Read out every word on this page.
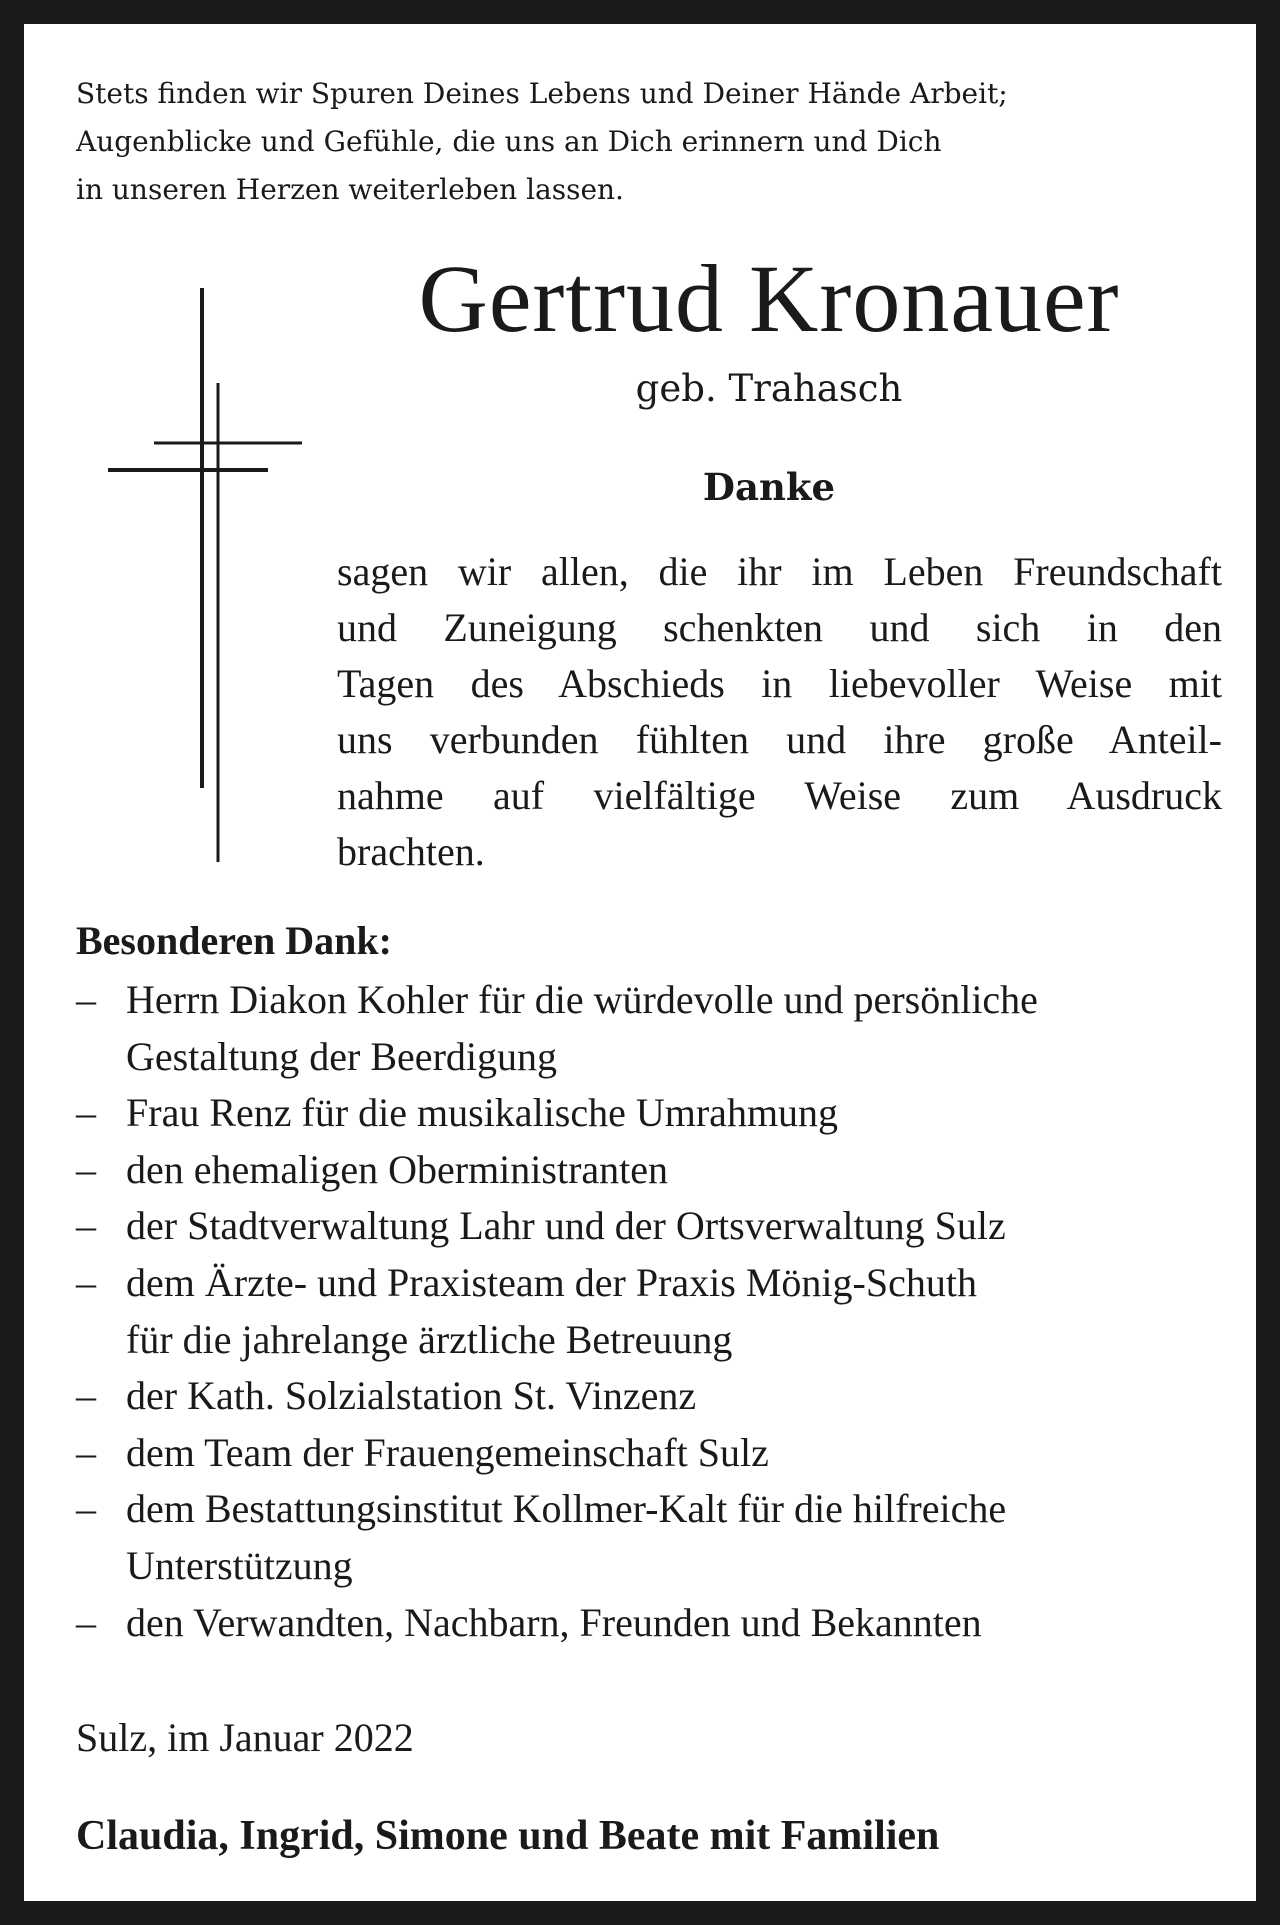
Stets finden wir Spuren Deines Lebens und Deiner Hände Arbeit;
Augenblicke und Gefühle, die uns an Dich erinnern und Dich
in unseren Herzen weiterleben lassen.
Gertrud Kronauer
geb. Trahasch
Danke
sagen wir allen, die ihr im Leben Freundschaft
und Zuneigung schenkten und sich in den
Tagen des Abschieds in liebevoller Weise mit
uns verbunden fühlten und ihre große Anteil-
nahme auf vielfältige Weise zum Ausdruck
brachten.
Besonderen Dank:
– Herrn Diakon Kohler für die würdevolle und persönliche
Gestaltung der Beerdigung
– Frau Renz für die musikalische Umrahmung
– den ehemaligen Oberministranten
– der Stadtverwaltung Lahr und der Ortsverwaltung Sulz
– dem Ärzte- und Praxisteam der Praxis Mönig-Schuth
für die jahrelange ärztliche Betreuung
– der Kath. Solzialstation St. Vinzenz
– dem Team der Frauengemeinschaft Sulz
– dem Bestattungsinstitut Kollmer-Kalt für die hilfreiche
Unterstützung
– den Verwandten, Nachbarn, Freunden und Bekannten
Sulz, im Januar 2022
Claudia, Ingrid, Simone und Beate mit Familien
